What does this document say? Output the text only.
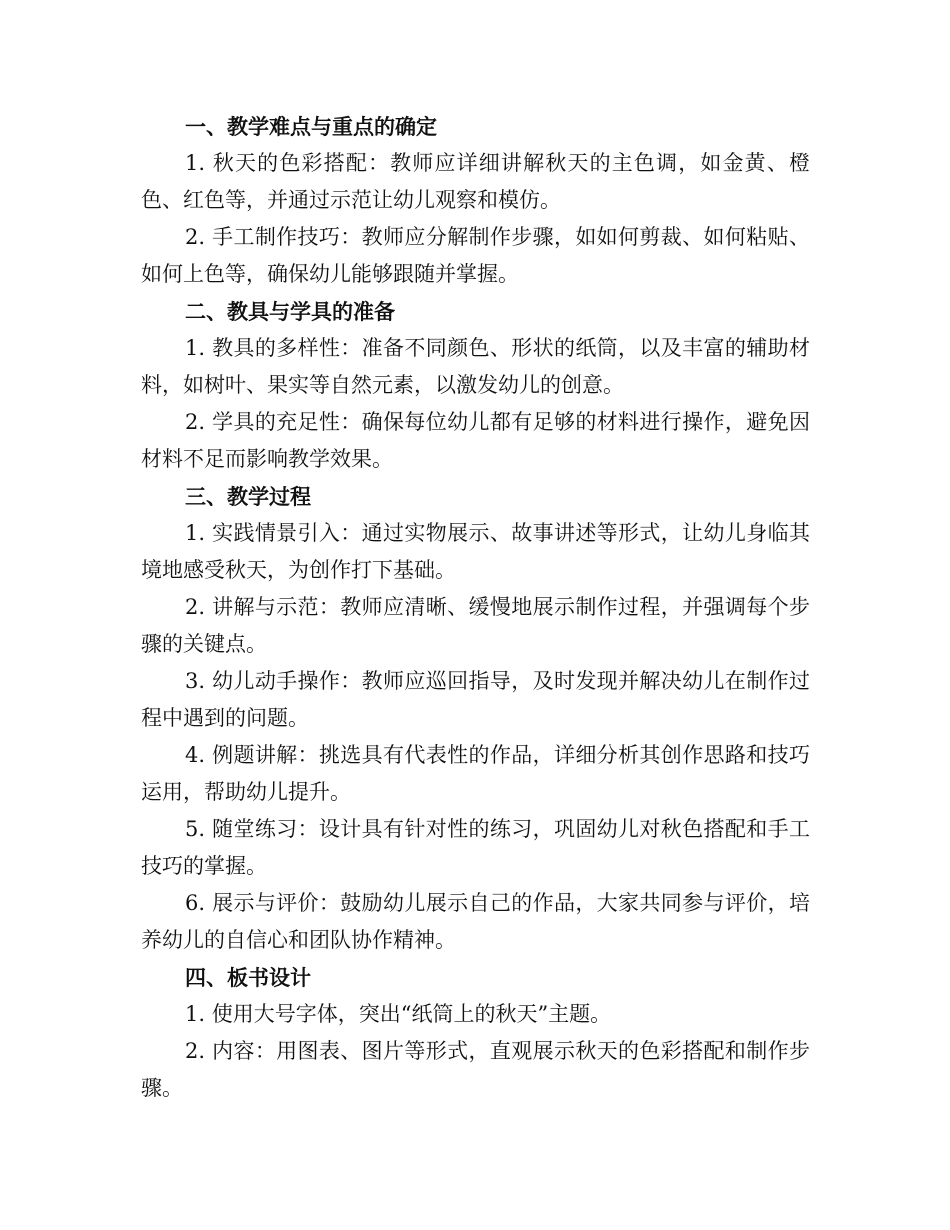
一、教学难点与重点的确定

1. 秋天的色彩搭配：教师应详细讲解秋天的主色调，如金黄、橙色、红色等，并通过示范让幼儿观察和模仿。

2. 手工制作技巧：教师应分解制作步骤，如如何剪裁、如何粘贴、如何上色等，确保幼儿能够跟随并掌握。

二、教具与学具的准备

1. 教具的多样性：准备不同颜色、形状的纸筒，以及丰富的辅助材料，如树叶、果实等自然元素，以激发幼儿的创意。

2. 学具的充足性：确保每位幼儿都有足够的材料进行操作，避免因材料不足而影响教学效果。

三、教学过程

1. 实践情景引入：通过实物展示、故事讲述等形式，让幼儿身临其境地感受秋天，为创作打下基础。

2. 讲解与示范：教师应清晰、缓慢地展示制作过程，并强调每个步骤的关键点。

3. 幼儿动手操作：教师应巡回指导，及时发现并解决幼儿在制作过程中遇到的问题。

4. 例题讲解：挑选具有代表性的作品，详细分析其创作思路和技巧运用，帮助幼儿提升。

5. 随堂练习：设计具有针对性的练习，巩固幼儿对秋色搭配和手工技巧的掌握。

6. 展示与评价：鼓励幼儿展示自己的作品，大家共同参与评价，培养幼儿的自信心和团队协作精神。

四、板书设计

1. 使用大号字体，突出“纸筒上的秋天”主题。

2. 内容：用图表、图片等形式，直观展示秋天的色彩搭配和制作步骤。
